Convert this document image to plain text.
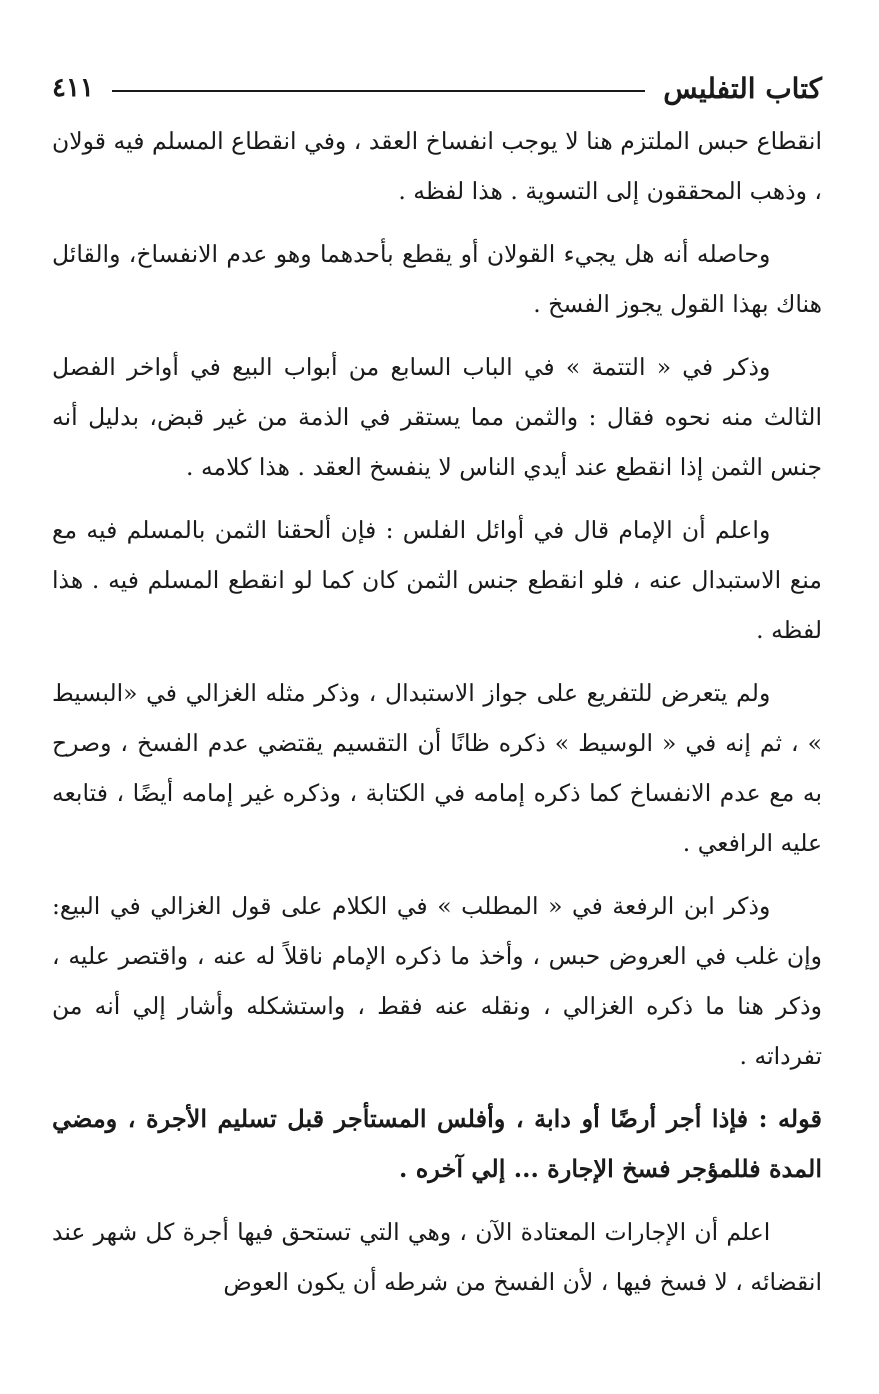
كتاب التفليس
٤١١

انقطاع حبس الملتزم هنا لا يوجب انفساخ العقد ، وفي انقطاع المسلم فيه قولان ، وذهب المحققون إلى التسوية . هذا لفظه .

وحاصله أنه هل يجيء القولان أو يقطع بأحدهما وهو عدم الانفساخ، والقائل هناك بهذا القول يجوز الفسخ .

وذكر في « التتمة » في الباب السابع من أبواب البيع في أواخر الفصل الثالث منه نحوه فقال : والثمن مما يستقر في الذمة من غير قبض، بدليل أنه جنس الثمن إذا انقطع عند أيدي الناس لا ينفسخ العقد . هذا كلامه .

واعلم أن الإمام قال في أوائل الفلس : فإن ألحقنا الثمن بالمسلم فيه مع منع الاستبدال عنه ، فلو انقطع جنس الثمن كان كما لو انقطع المسلم فيه . هذا لفظه .

ولم يتعرض للتفريع على جواز الاستبدال ، وذكر مثله الغزالي في «البسيط » ، ثم إنه في « الوسيط » ذكره ظانًا أن التقسيم يقتضي عدم الفسخ ، وصرح به مع عدم الانفساخ كما ذكره إمامه في الكتابة ، وذكره غير إمامه أيضًا ، فتابعه عليه الرافعي .

وذكر ابن الرفعة في « المطلب » في الكلام على قول الغزالي في البيع: وإن غلب في العروض حبس ، وأخذ ما ذكره الإمام ناقلاً له عنه ، واقتصر عليه ، وذكر هنا ما ذكره الغزالي ، ونقله عنه فقط ، واستشكله وأشار إلي أنه من تفرداته .

قوله : فإذا أجر أرضًا أو دابة ، وأفلس المستأجر قبل تسليم الأجرة ، ومضي المدة فللمؤجر فسخ الإجارة ... إلي آخره .

اعلم أن الإجارات المعتادة الآن ، وهي التي تستحق فيها أجرة كل شهر عند انقضائه ، لا فسخ فيها ، لأن الفسخ من شرطه أن يكون العوض
